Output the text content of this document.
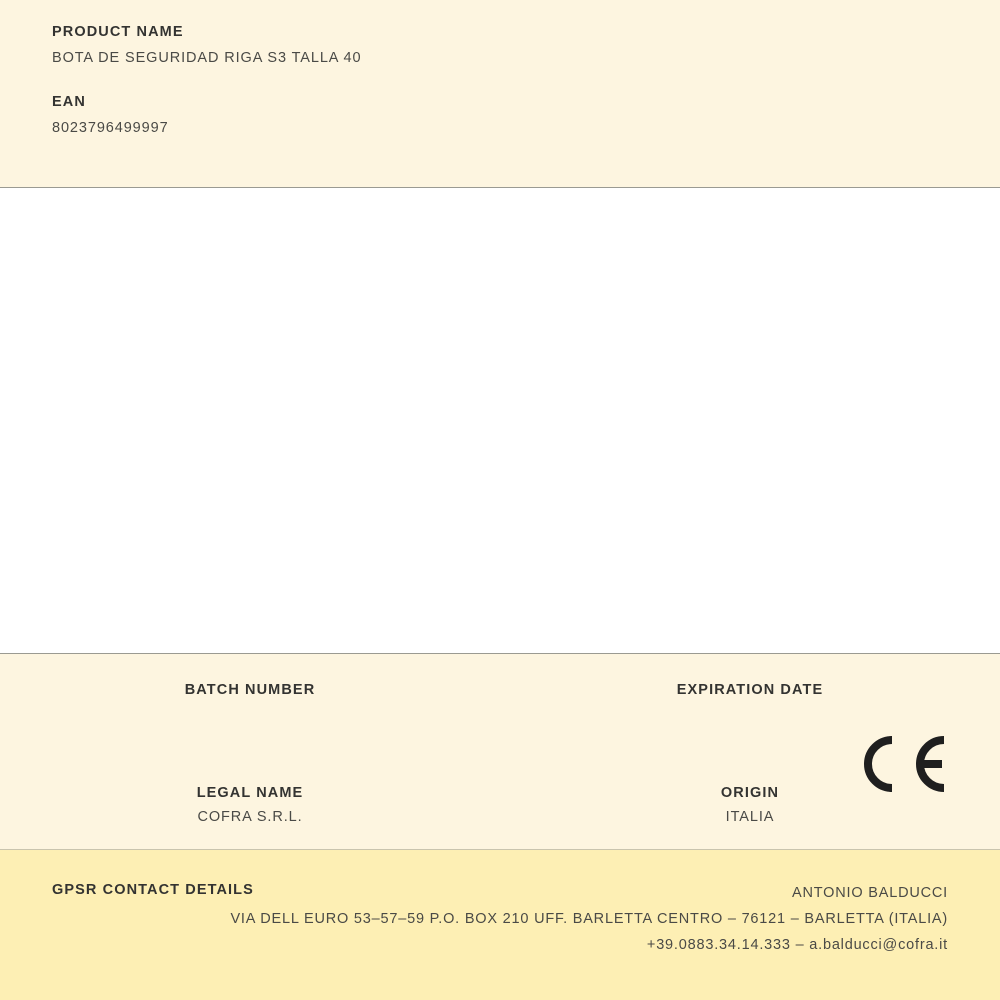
PRODUCT NAME

BOTA DE SEGURIDAD RIGA S3 TALLA 40

EAN

8023796499997

BATCH NUMBER	EXPIRATION DATE

LEGAL NAME

COFRA S.R.L.

ORIGIN

ITALIA

GPSR CONTACT DETAILS	ANTONIO BALDUCCI
VIA DELL EURO 53–57–59 P.O. BOX 210 UFF. BARLETTA CENTRO – 76121 – BARLETTA (ITALIA)
+39.0883.34.14.333 – a.balducci@cofra.it
